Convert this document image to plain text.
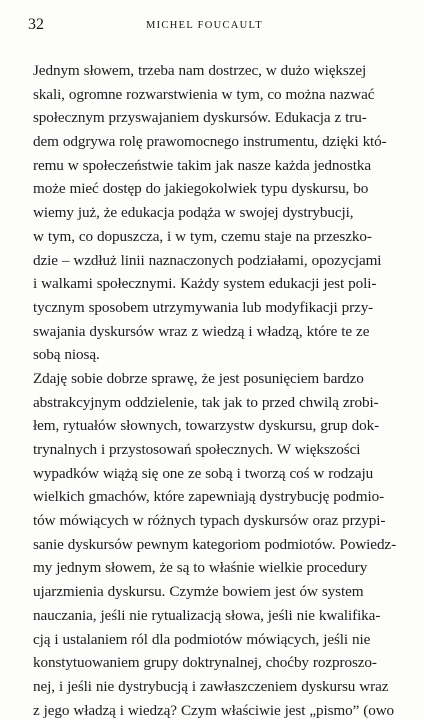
32	MICHEL FOUCAULT
Jednym słowem, trzeba nam dostrzec, w dużo większej
skali, ogromne rozwarstwienia w tym, co można nazwać
społecznym przyswajaniem dyskursów. Edukacja z tru-
dem odgrywa rolę prawomocnego instrumentu, dzięki któ-
remu w społeczeństwie takim jak nasze każda jednostka
może mieć dostęp do jakiegokolwiek typu dyskursu, bo
wiemy już, że edukacja podąża w swojej dystrybucji,
w tym, co dopuszcza, i w tym, czemu staje na przeszko-
dzie – wzdłuż linii naznaczonych podziałami, opozycjami
i walkami społecznymi. Każdy system edukacji jest poli-
tycznym sposobem utrzymywania lub modyfikacji przy-
swajania dyskursów wraz z wiedzą i władzą, które te ze
sobą niosą.
Zdaję sobie dobrze sprawę, że jest posunięciem bardzo
abstrakcyjnym oddzielenie, tak jak to przed chwilą zrobi-
łem, rytuałów słownych, towarzystw dyskursu, grup dok-
trynalnych i przystosowań społecznych. W większości
wypadków wiążą się one ze sobą i tworzą coś w rodzaju
wielkich gmachów, które zapewniają dystrybucję podmio-
tów mówiących w różnych typach dyskursów oraz przypi-
sanie dyskursów pewnym kategoriom podmiotów. Powiedz-
my jednym słowem, że są to właśnie wielkie procedury
ujarzmienia dyskursu. Czymże bowiem jest ów system
nauczania, jeśli nie rytualizacją słowa, jeśli nie kwalifika-
cją i ustalaniem ról dla podmiotów mówiących, jeśli nie
konstytuowaniem grupy doktrynalnej, choćby rozproszo-
nej, i jeśli nie dystrybucją i zawłaszczeniem dyskursu wraz
z jego władzą i wiedzą? Czym właściwie jest „pismo” (owo
